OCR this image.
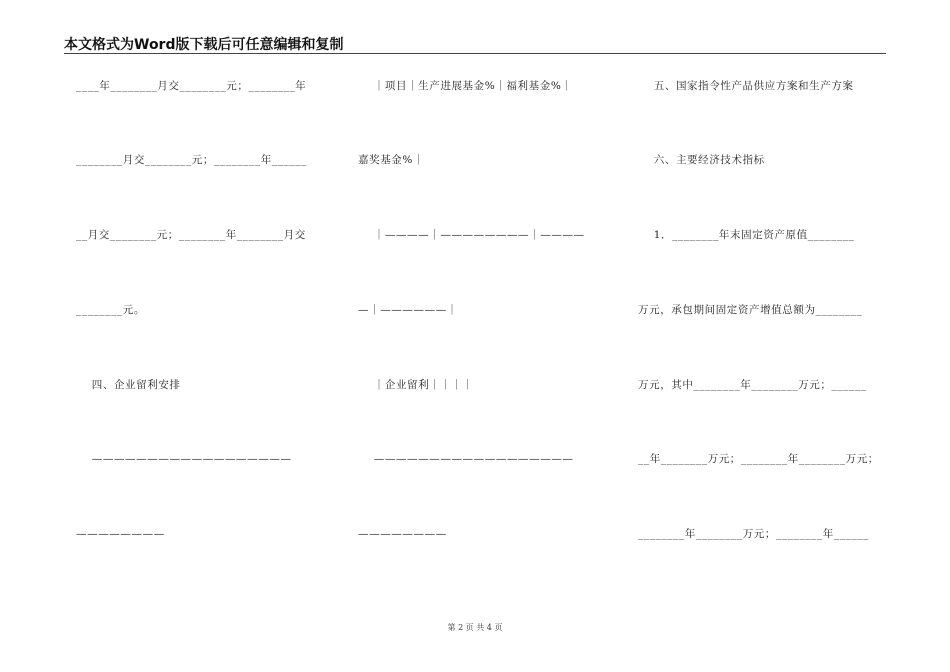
本文格式为Word版下载后可任意编辑和复制
____年________月交________元；________年
________月交________元；________年______
__月交________元；________年________月交
________元。
四、企业留利安排
——————————————————
————————
｜项目｜生产进展基金%｜福利基金%｜
嘉奖基金%｜
｜————｜————————｜————
—｜——————｜
｜企业留利｜｜｜｜
——————————————————
————————
五、国家指令性产品供应方案和生产方案
六、主要经济技术指标
1．________年末固定资产原值________
万元，承包期间固定资产增值总额为________
万元，其中________年________万元；______
__年________万元；________年________万元；
________年________万元；________年______
第 2 页 共 4 页
